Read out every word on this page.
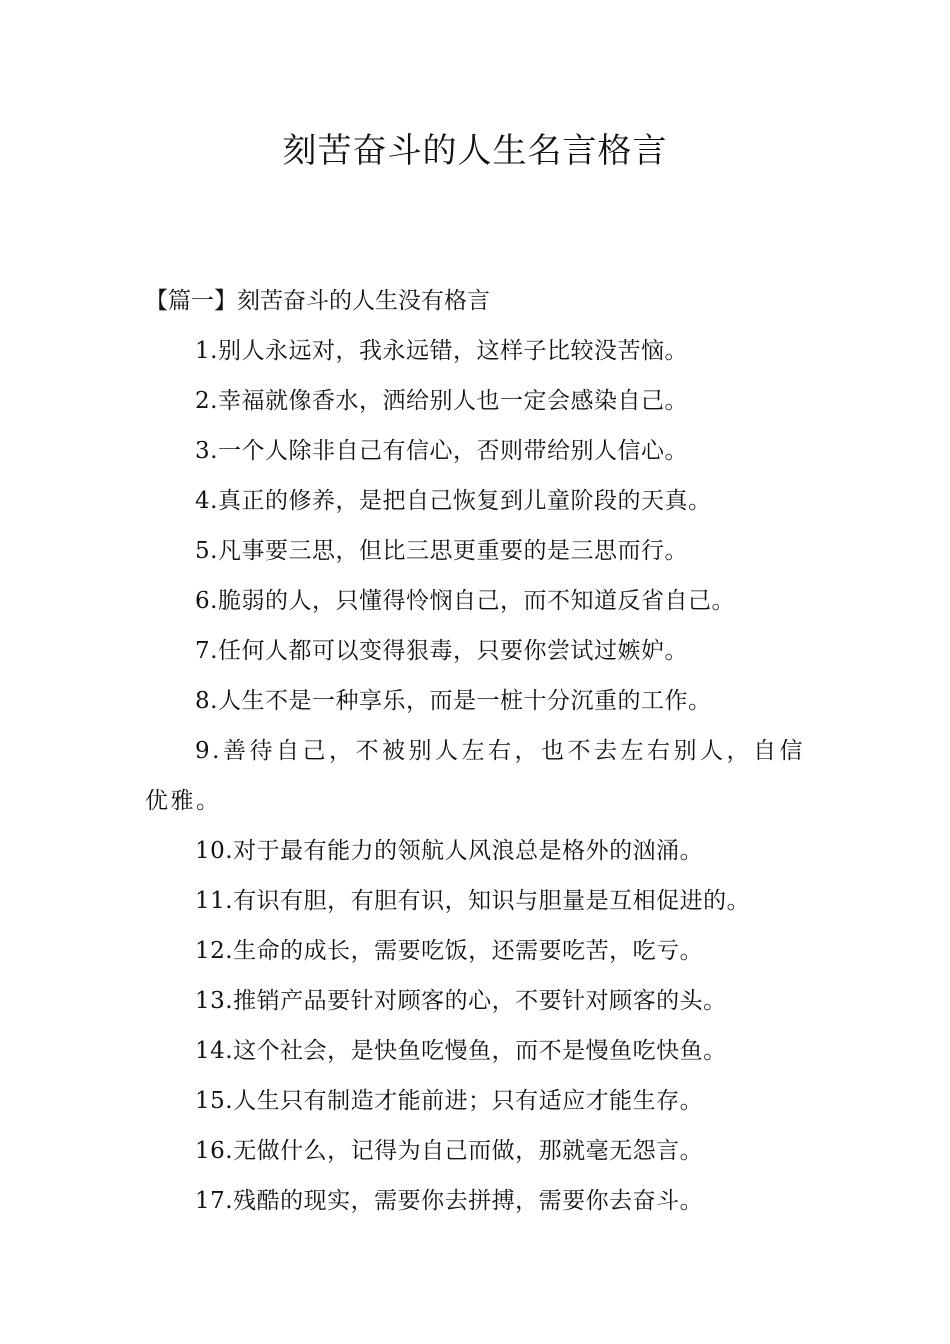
刻苦奋斗的人生名言格言
【篇一】刻苦奋斗的人生没有格言

1.别人永远对，我永远错，这样子比较没苦恼。

2.幸福就像香水，洒给别人也一定会感染自己。

3.一个人除非自己有信心，否则带给别人信心。

4.真正的修养，是把自己恢复到儿童阶段的天真。

5.凡事要三思，但比三思更重要的是三思而行。

6.脆弱的人，只懂得怜悯自己，而不知道反省自己。

7.任何人都可以变得狠毒，只要你尝试过嫉妒。

8.人生不是一种享乐，而是一桩十分沉重的工作。

9.善待自己，不被别人左右，也不去左右别人，自信优雅。

10.对于最有能力的领航人风浪总是格外的汹涌。

11.有识有胆，有胆有识，知识与胆量是互相促进的。

12.生命的成长，需要吃饭，还需要吃苦，吃亏。

13.推销产品要针对顾客的心，不要针对顾客的头。

14.这个社会，是快鱼吃慢鱼，而不是慢鱼吃快鱼。

15.人生只有制造才能前进；只有适应才能生存。

16.无做什么，记得为自己而做，那就毫无怨言。

17.残酷的现实，需要你去拼搏，需要你去奋斗。
